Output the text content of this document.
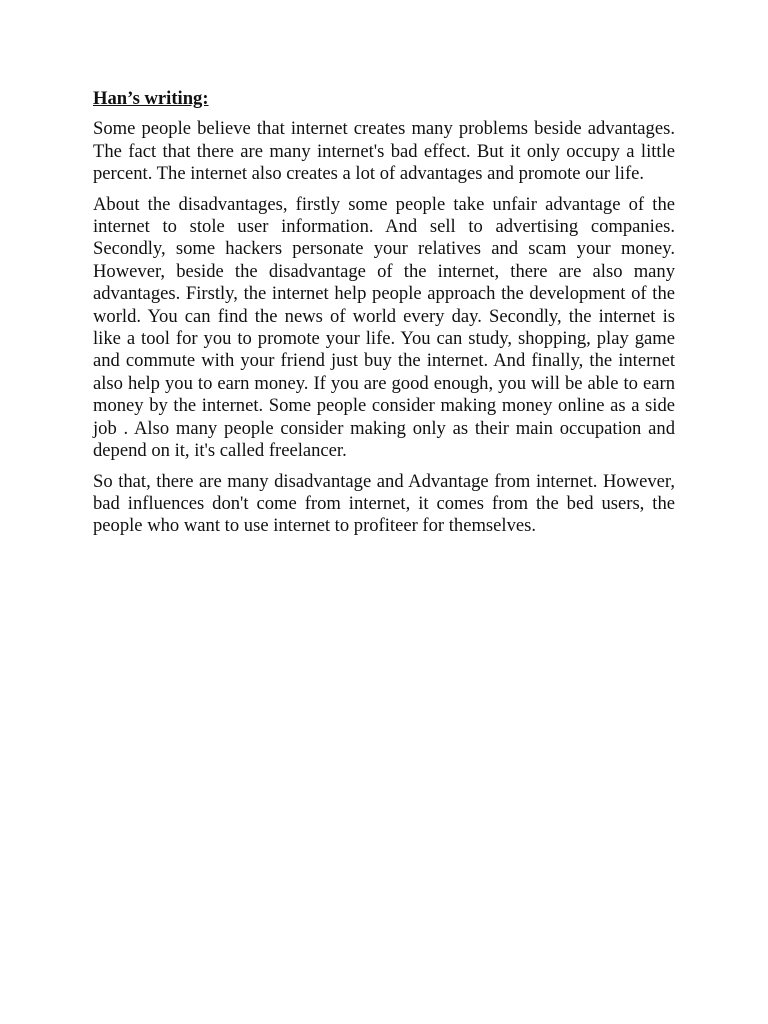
Han’s writing:

Some people believe that internet creates many problems beside advantages. The fact that there are many internet's bad effect. But it only occupy a little percent. The internet also creates a lot of advantages and promote our life.

About the disadvantages, firstly some people take unfair advantage of the internet to stole user information. And sell to advertising companies. Secondly, some hackers personate your relatives and scam your money. However, beside the disadvantage of the internet, there are also many advantages. Firstly, the internet help people approach the development of the world. You can find the news of world every day. Secondly, the internet is like a tool for you to promote your life. You can study, shopping, play game and commute with your friend just buy the internet. And finally, the internet also help you to earn money. If you are good enough, you will be able to earn money by the internet. Some people consider making money online as a side job . Also many people consider making only as their main occupation and depend on it, it's called freelancer.

So that, there are many disadvantage and Advantage from internet. However, bad influences don't come from internet, it comes from the bed users, the people who want to use internet to profiteer for themselves.
